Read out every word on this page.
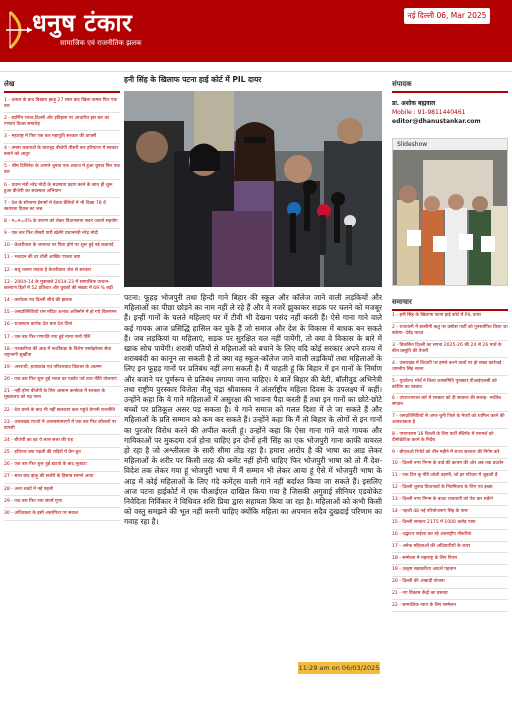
धनुष टंकार
सामाजिक एवं राजनीतिक झलक
नई दिल्ली 06, Mar 2025
लेख
1 - दलाल के बाद बिखारा झाड़ू 27 साल बाद खिला कमल फिर एक बार
2 - स्वर्णिम भारत,दिल्ली और इतिहास पर आधारित इस बार का गणतंत्र दिवस समारोह
3 - महाराष्ट्र में फिर एक बार महायुति सरकार की वापसी
4 - तमाम कवायदों के बावजूद बीजेपी तीसरी बार हरियाणा में सरकार बनाने को आतुर
5 - श्रीष दिशिनेश के आगले चुनाव एक अंदाज में हुआ चुनाव फिर एक बार
6 - प्रधान मंत्री नरेंद्र मोदी के सदस्यता प्रहण करने के साथ ही शुरू हुआ बीजेपी का सदस्यता अभियान
7 - देश के सौभाग्य ईनामों में देवता बैलियों में भी दिखा 78 वें स्वतंत्रता दिवस का जश्न
8 - न=न=4% के कारण को लेकर विधानसभा सदन जताने सहयोग
9 - एक बार फिर तीसरी पारी खेलेंगे प्रधानमंत्री नरेंद्र मोदी
10 - केजरीवाल के जमानत पर फिरा होने पर शुरू हुई नई कवायदें
11 - भवदान की दर धौनी आखिर पाजरा क्या
12 - बजूं चलना यादवा है केजरीवाल जेल से सरकार
13 - 2004-14 के मुकाबले 2014-23 में सामाजिक उत्थान-कल्याण हितों में 52 प्रतिशत और युवकों की संख्या में 69 % बढ़ी
14 - कर्नाटक नव दिल्ली सीधे की झलक
15 - जनप्रतिनिधियों राम मंदिरा अभाव अलिमोने में हो गये विलगमन
16 - राजस्थान कर्णक देश बना देश चिनां
17 - एक बार फिर गणपति गया हुई मामा पानी पेलिं
18 - पत्रकारिता की आड़ में फर्जीवाड़ा के विशेष एसवेहरेबार सेवा राष्ट्रभागी सुर्खीया
19 - अपराधी, हत्याकांड एवं परिवारवाद विकास के आत्मन
20 - एक बार फिर शुरू हुई भारत का एडवेंट पर्व तथा नीति योजनाएं
21 - नहीं होगा बीजेपी के लिए आसान कर्नाटक में सरकार के मुख्यालय को पढ़ पाना
22 - देश बनने के बाद भी नहीं छलकाएं कल पहुंचे बेगानी राजनीति
23 - उत्तराखंड राज्यों में आत्मसंघमरणों में एक बार फिर कौशलों पर वापसी
24 - बीजेपी का हट ये लाल सत्ता की राह
25 - हथियार क्या पहली की राहिरों में प्रेम बुध
26 - एक बार फिर शुरू हुई डाटावे के बाद लुकाटा
27 - साल बाद झाड़ू की सर्जरी के हिसाब सामने आया
28 - अन्य शब्दों में नई पहली
29 - एक बार फिर नया संघर्ष गुणा
30 - अधिवक्ता के इसी अंतरंगिता पर सवाल
हनी सिंह के खिलाफ पटना हाई कोर्ट में PIL दायर
पटना: फूहड़ भोजपुरी तथा हिन्दी गाने बिहार की स्कूल और कॉलेज जाने वाली लड़कियों और महिलाओं का पीछा छोड़ने का नाम नहीं ले रहे हैं और वे नजरें झुकाकर सड़क पर चलने को मजबूर हैं। इन्हीं गानों के चलते महिलाएं घर में टीवी भी देखना पसंद नहीं करती हैं। ऐसे गाना गाने वाले कई गायक आज प्रसिद्धि हासिल कर चुके हैं जो समाज और देश के विकास में बाधक बन सकते हैं। जब लड़कियां या महिलाएं, सड़क पर सुरक्षित चल नहीं पायेंगी, तो क्या वे विकास के बारे में खाक सोच पायेंगी। शराबी पतियों से महिलाओं को बचाने के लिए यदि कोई सरकार अपने राज्य में शराबबंदी का कानून ला सकती है तो क्या वह स्कूल-कॉलेज जाने वाली लड़कियों तथा महिलाओं के लिए इन फूहड़ गानों पर प्रतिबंध नहीं लगा सकती है। मैं चाहती हूं कि बिहार में इन गानों के निर्माण और बजाने पर पूर्णरूप से प्रतिबंध लगाया जाना चाहिए। ये बातें बिहार की बेटी, बॉलीवुड अभिनेत्री तथा राष्ट्रीय पुरस्कार विजेता नीतू चंद्रा श्रीवास्तव ने अंतर्राष्ट्रीय महिला दिवस के उपलक्ष्य में कहीं। उन्होंने कहा कि ये गाने महिलाओं में असुरक्षा की भावना पैदा करती हैं तथा इन गानों का छोटे-छोटे बच्चों पर प्रतिकूल असर पड़ सकता है। ये गाने समाज को गलत दिशा में ले जा सकते हैं और महिलाओं के प्रति सम्मान को कम कर सकते हैं। उन्होंने कहा कि मैं तो बिहार के लोगों से इन गानों का पुरजोर विरोध करने की अपील करती हूं। उन्होंने कहा कि ऐसा गाना गाने वाले गायक और गायिकाओं पर मुकदमा दर्ज होना चाहिए इन दोनों हनी सिंह का एक भोजपुरी गाना काफी वायरल हो रहा है जो अश्लीलता के सारी सीमा तोड़ रहा है। हमारा आरोप है की भाषा का आड़ लेकर महिलाओं के शरीर पर किसी तरह की कमेंट नहीं होनी चाहिए फिर भोजपुरी भाषा को तो मैं देश-विदेश तक लेकर गया हूं भोजपुरी भाषा में मैं सम्मान भी लेकर आया हूं ऐसे में भोजपुरी भाषा के आड़ में कोई महिलाओं के लिए गंदे कमेंट्स वाली गाने नहीं बर्दाश्त किया जा सकते हैं। इसलिए आज पटना हाईकोर्ट में एक पीआईएल दाखिल किया गया है जिसकी अगुवाई सीनियर एडवोकेट निवेदिता निर्विकार ने विधिवत शशि प्रिया द्वारा सहायता किया जा रहा है। महिलाओं को कभी किसी को वस्तु समझने की भूल नहीं करनी चाहिए क्योंकि महिला का अपमान सदैव दुखदाई परिणाम का गवाह रहा है।
11:29 am on 06/03/2025
संपादक
डा. अशोक बह्मवाल
Mobile : 91-9811440461
editor@dhanustankar.com
Slideshow
समाचार
1 - हनी सिंह के खिलाफ पटना हाई कोर्ट में PIL दायर
2 - राजधानी में बरसीनी ऋतु पर कांग्रेस पार्टी को पुनर्स्थापित किया जा सकेगा- देवेंद्र यादव
3 - विकसित दिल्ली का सपना 2025-26 की 24 से 26 मार्च के बीच प्रस्तुति की तैयारी
4 - उत्तराखंड में विधायी पर हमले करने वालों पर हो सख्त कार्रवाई : धामनीय सिंह सरना
5 - यूथवेल्थ भोर्चे ने किया जनसमिति पुरस्कार,पीआईएलसी को कोचिंग का प्रस्ताव
6 - उपराज्यपाल बारे में सरकार को दी सरकार की सलाह- भरतिश संगठन
7 - जनप्रतिनिधियों से अगर-चुनी जिले के मेयरों को शामिल करने की आवश्यकता है
8 - एमएफएम 16 दिल्ली के लिए पार्टी सेंटिमेंट में परामर्श को दीमोक्रेटिक करने के निर्देश
9 - बीएलओ रिपोर्ट को तीन महीने में राज्य सरकार की निर्गम करें
10 - दिल्ली नगर निगम के वार्ड की कायम की ओर अब तक प्रदर्शन
11 - एक दिन कृ नेति जोशी वहामी, जो हर परिवार में जुड़ाती हैं
12 - दिल्ली चुनाव विधायकों के नियमितता के लिए एवं इच्छा
13 - दिल्ली नगर निगम के बजट राजधानी को पेश कर सकेंगे
14 - पहली 48 नई परियोजनाएं सिंह के पास
15 - दिल्ली सरकार 2175 में 1000 करोड़ पाया
16 - उद्घाटन पाईला कर रहे अंतराष्ट्रीय नौकरियां
17 - अनेक महिलाओं की अधिकारियों के ऊपर
18 - सम्मेलन में महाराष्ट्र के लिए नियम
19 - उत्कृष्ट सहकारिता आदर्श पहचान
20 - दिल्ली की आबादी योजना
21 - नए विकास केंद्रों का प्रस्ताव
22 - सामाजिक न्याय के लिए सम्मेलन
